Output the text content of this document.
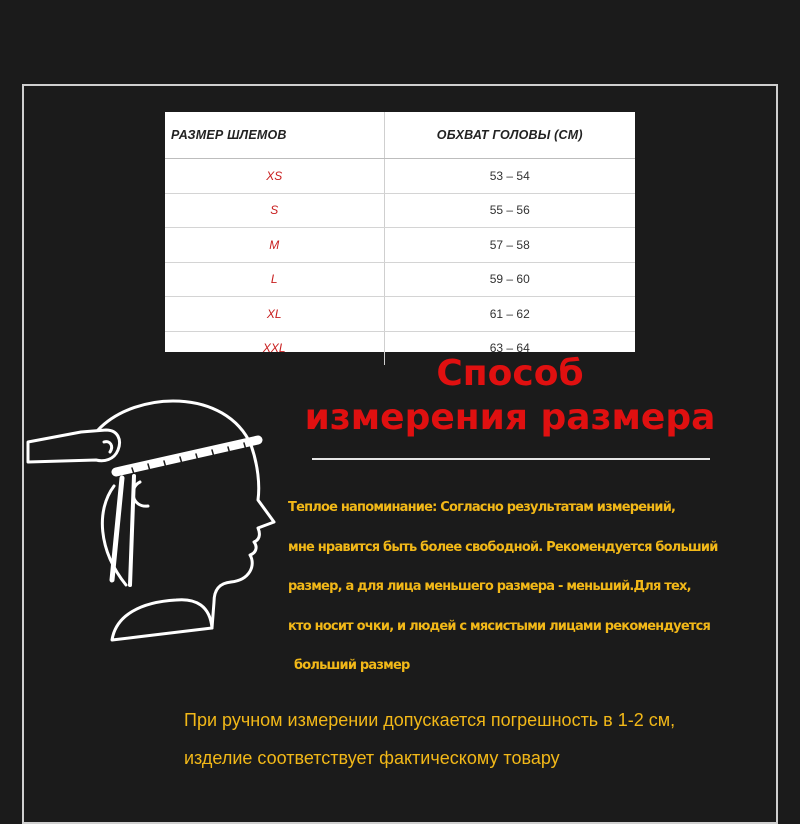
РАЗМЕР ШЛЕМОВ	ОБХВАТ ГОЛОВЫ (СМ)
XS	53 – 54
S	55 – 56
M	57 – 58
L	59 – 60
XL	61 – 62
XXL	63 – 64
Способ
измерения размера
Теплое напоминание: Согласно результатам измерений,
мне нравится быть более свободной. Рекомендуется больший
размер, а для лица меньшего размера - меньший.Для тех,
кто носит очки, и людей с мясистыми лицами рекомендуется
больший размер
При ручном измерении допускается погрешность в 1-2 см,
изделие соответствует фактическому товару
